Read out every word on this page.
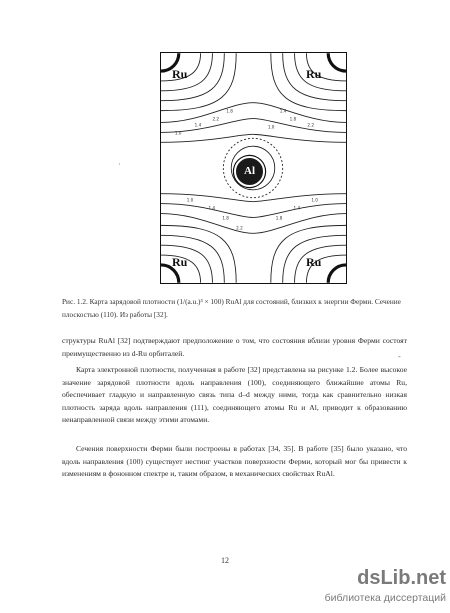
1.8
2.2
1.4
1.0
1.4
1.8
2.2
1.0
1.0
1.4
1.8
2.2
1.8
1.4
1.0
Ru	Ru
Al
Ru	Ru
·
Рис. 1.2. Карта зарядовой плотности (1/(а.u.)³ × 100) RuAl для состояний, близких к энергии Ферми. Сечение плоскостью (110). Из работы [32].

структуры RuAl [32] подтверждают предположение о том, что состояния вблизи уровня Ферми состоят преимущественно из d-Ru орбиталей.

Карта электронной плотности, полученная в работе [32] представлена на рисунке 1.2. Более высокое значение зарядовой плотности вдоль направления (100), соединяющего ближайшие атомы Ru, обеспечивает гладкую и направленную связь типа d–d между ними, тогда как сравнительно низкая плотность заряда вдоль направления (111), соединяющего атомы Ru и Al, приводит к образованию ненаправленной связи между этими атомами.

Сечения поверхности Ферми были построены в работах [34, 35]. В работе [35] было указано, что вдоль направления (100) существует нестинг участков поверхности Ферми, который мог бы привести к изменениям в фононном спектре и, таким образом, в механических свойствах RuAl.

-
12
dsLib.net
библиотека диссертаций
